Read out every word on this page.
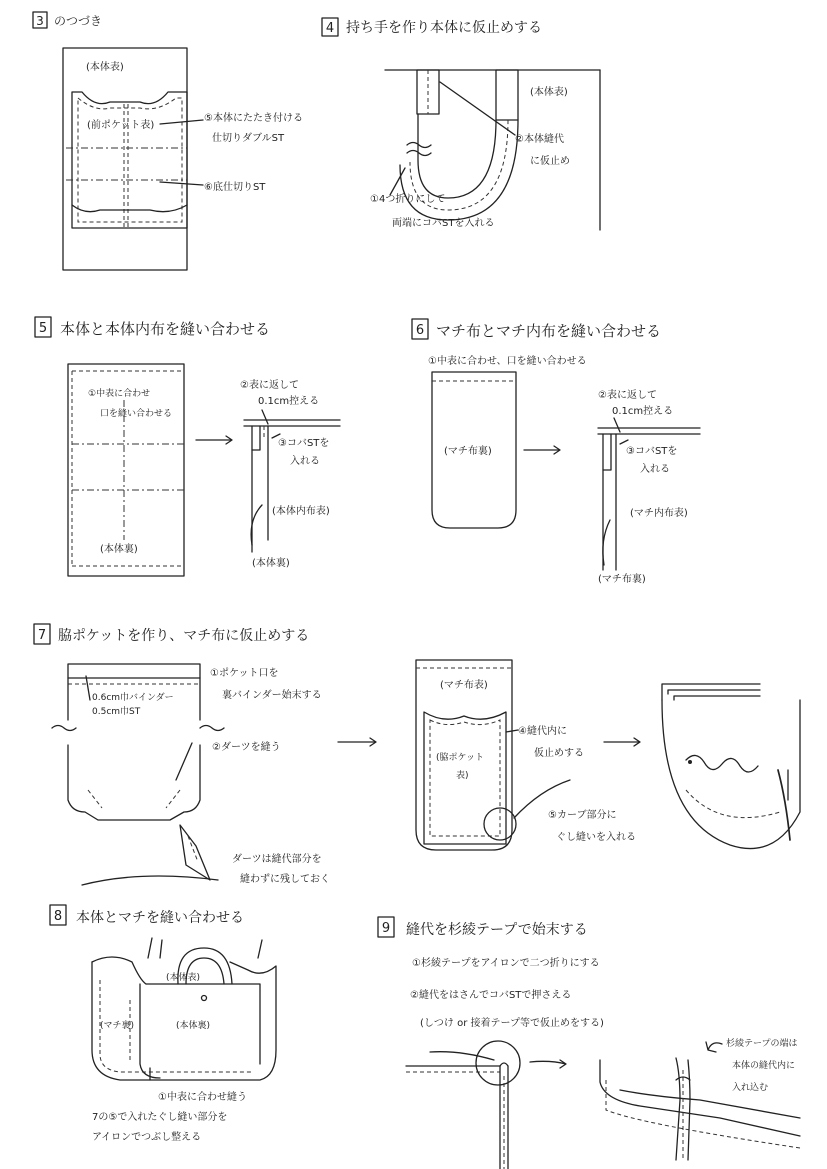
3 のつづき
(本体表)
(前ポケット表)
⑤本体にたたき付ける
仕切りダブルST
⑥底仕切りST
4 持ち手を作り本体に仮止めする
(本体表)
②本体縫代
に仮止め
①4つ折りにして
両端にコバSTを入れる
5 本体と本体内布を縫い合わせる
①中表に合わせ
口を縫い合わせる
(本体裏)
②表に返して
0.1cm控える
③コバSTを
入れる
(本体内布表)
(本体裏)
6 マチ布とマチ内布を縫い合わせる
①中表に合わせ、口を縫い合わせる
(マチ布裏)
②表に返して
0.1cm控える
③コバSTを
入れる
(マチ内布表)
(マチ布裏)
7 脇ポケットを作り、マチ布に仮止めする
0.6cm巾バインダー
0.5cm巾ST
①ポケット口を
裏バインダー始末する
②ダーツを縫う
ダーツは縫代部分を
縫わずに残しておく
(マチ布表)
(脇ポケット
表)
④縫代内に
仮止めする
⑤カーブ部分に
ぐし縫いを入れる
8 本体とマチを縫い合わせる
(本体表)
(マチ裏)	(本体裏)
①中表に合わせ縫う
7の⑤で入れたぐし縫い部分を
アイロンでつぶし整える
9 縫代を杉綾テープで始末する
①杉綾テープをアイロンで二つ折りにする
②縫代をはさんでコバSTで押さえる
(しつけ or 接着テープ等で仮止めをする)
杉綾テープの端は
本体の縫代内に
入れ込む
